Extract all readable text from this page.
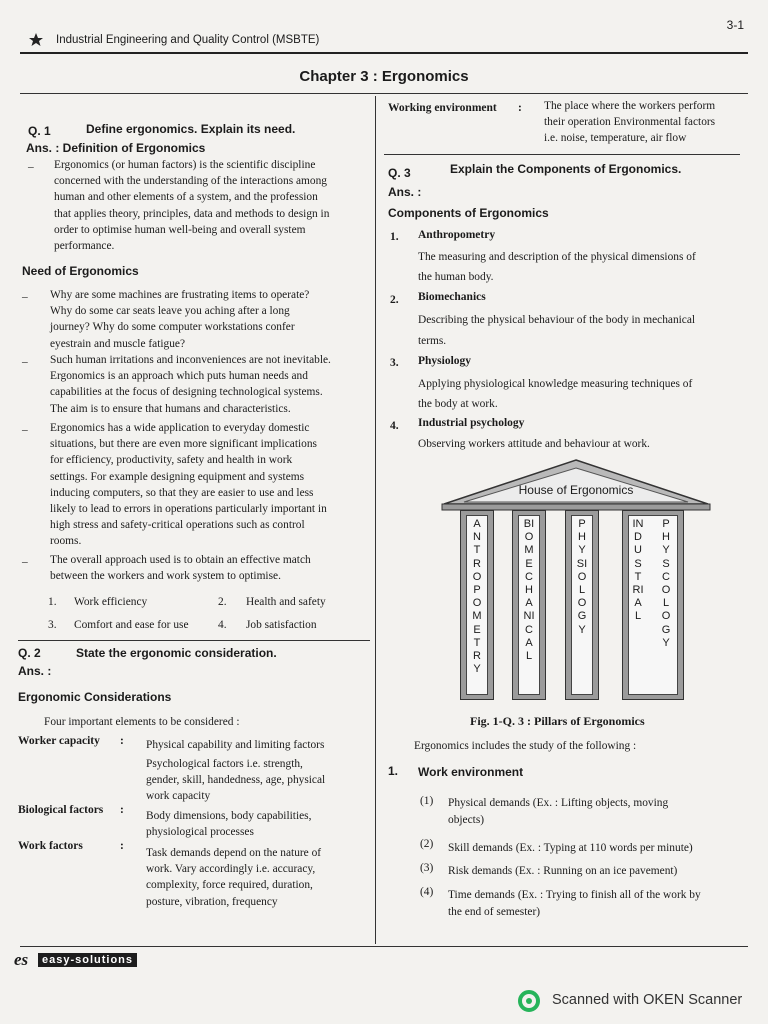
3-1
Industrial Engineering and Quality Control (MSBTE)
Chapter 3 : Ergonomics
Q. 1	Define ergonomics. Explain its need.
Ans. : Definition of Ergonomics
– Ergonomics (or human factors) is the scientific discipline
concerned with the understanding of the interactions among
human and other elements of a system, and the profession
that applies theory, principles, data and methods to design in
order to optimise human well-being and overall system
performance.
Need of Ergonomics
– Why are some machines are frustrating items to operate?
Why do some car seats leave you aching after a long
journey? Why do some computer workstations confer
eyestrain and muscle fatigue?
– Such human irritations and inconveniences are not inevitable.
Ergonomics is an approach which puts human needs and
capabilities at the focus of designing technological systems.
The aim is to ensure that humans and characteristics.
– Ergonomics has a wide application to everyday domestic
situations, but there are even more significant implications
for efficiency, productivity, safety and health in work
settings. For example designing equipment and systems
inducing computers, so that they are easier to use and less
likely to lead to errors in operations particularly important in
high stress and safety-critical operations such as control
rooms.
– The overall approach used is to obtain an effective match
between the workers and work system to optimise.
1. Work efficiency	2. Health and safety
3. Comfort and ease for use	4. Job satisfaction
Q. 2	State the ergonomic consideration.
Ans. :
Ergonomic Considerations
Four important elements to be considered :
Worker capacity : Physical capability and limiting factors
Psychological factors i.e. strength,
gender, skill, handedness, age, physical
work capacity
Biological factors : Body dimensions, body capabilities,
physiological processes
Work factors	:
Task demands depend on the nature of
work. Vary accordingly i.e. accuracy,
complexity, force required, duration,
posture, vibration, frequency
Working environment : The place where the workers perform
their operation Environmental factors
i.e. noise, temperature, air flow
Q. 3	Explain the Components of Ergonomics.
Ans. :
Components of Ergonomics
1. Anthropometry
The measuring and description of the physical dimensions of
the human body.
2. Biomechanics
Describing the physical behaviour of the body in mechanical
terms.
3. Physiology
Applying physiological knowledge measuring techniques of
the body at work.
4. Industrial psychology
Observing workers attitude and behaviour at work.
House of Ergonomics
ANTROPOMETRY
BIOMECHANICAL
PHYSIOLOGY
INDUSTRIAL
PHYSCOLOGY
Fig. 1-Q. 3 : Pillars of Ergonomics
Ergonomics includes the study of the following :
1. Work environment
(1) Physical demands (Ex. : Lifting objects, moving
objects)
(2) Skill demands (Ex. : Typing at 110 words per minute)
(3) Risk demands (Ex. : Running on an ice pavement)
(4) Time demands (Ex. : Trying to finish all of the work by
the end of semester)
es	easy-solutions
Scanned with OKEN Scanner
